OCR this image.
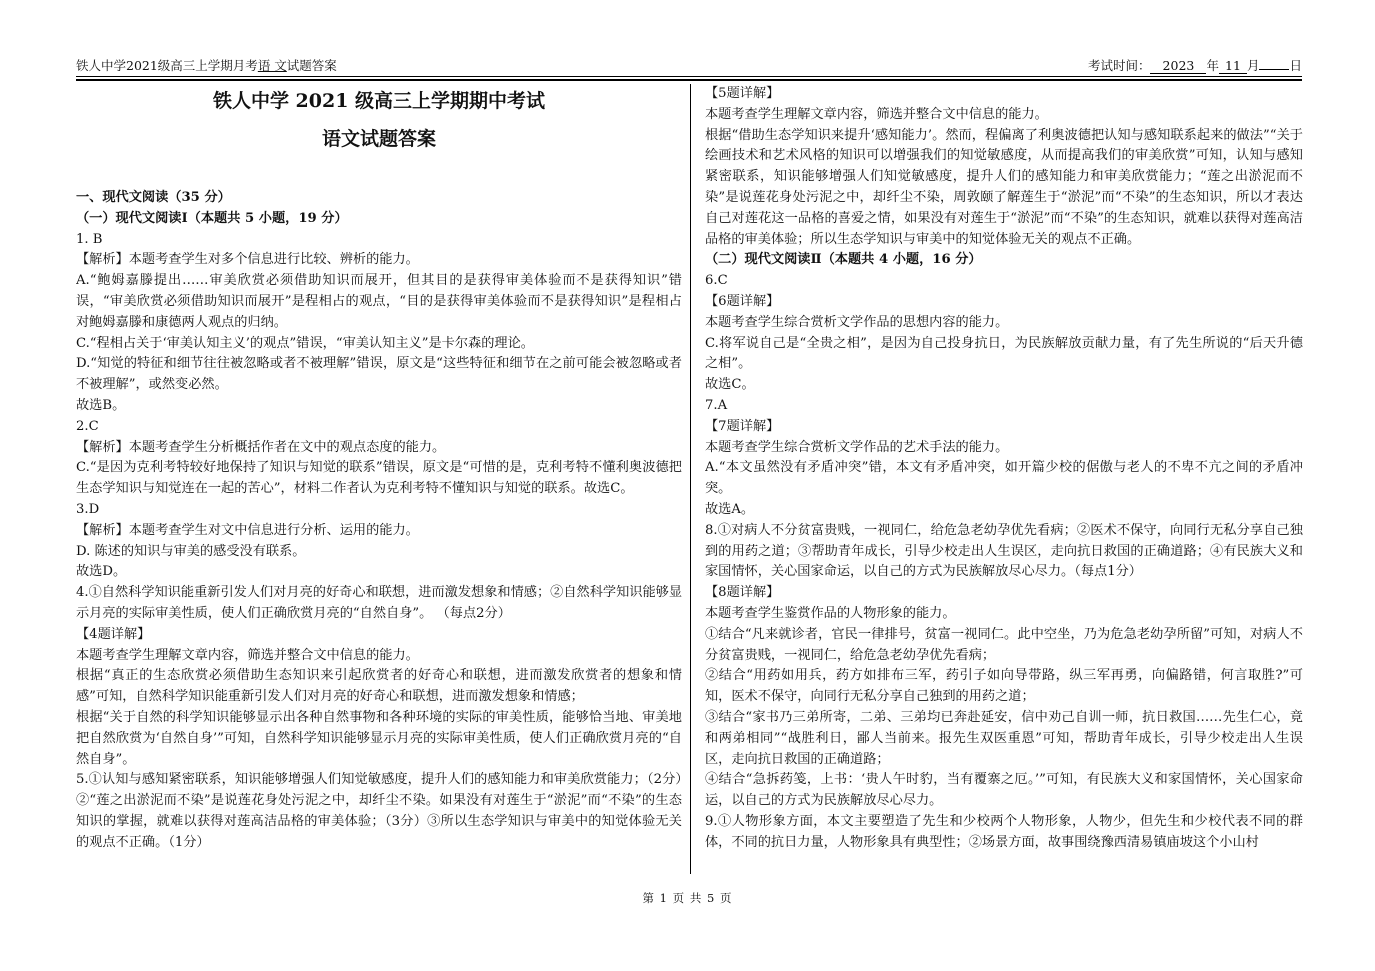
铁人中学2021级高三上学期月考语 文试题答案	考试时间： 2023 年 11 月 日
铁人中学 2021 级高三上学期期中考试
语文试题答案

一、现代文阅读（35 分）

（一）现代文阅读Ⅰ（本题共 5 小题，19 分）

1. B

【解析】本题考查学生对多个信息进行比较、辨析的能力。

A.“鲍姆嘉滕提出……审美欣赏必须借助知识而展开，但其目的是获得审美体验而不是获得知识”错误，“审美欣赏必须借助知识而展开”是程相占的观点，“目的是获得审美体验而不是获得知识”是程相占对鲍姆嘉滕和康德两人观点的归纳。

C.“程相占关于‘审美认知主义’的观点”错误，“审美认知主义”是卡尔森的理论。

D.“知觉的特征和细节往往被忽略或者不被理解”错误，原文是“这些特征和细节在之前可能会被忽略或者不被理解”，或然变必然。

故选B。

2.C

【解析】本题考查学生分析概括作者在文中的观点态度的能力。

C.“是因为克利考特较好地保持了知识与知觉的联系”错误，原文是“可惜的是，克利考特不懂利奥波德把生态学知识与知觉连在一起的苦心”，材料二作者认为克利考特不懂知识与知觉的联系。故选C。

3.D

【解析】本题考查学生对文中信息进行分析、运用的能力。

D. 陈述的知识与审美的感受没有联系。

故选D。

4.①自然科学知识能重新引发人们对月亮的好奇心和联想，进而激发想象和情感；②自然科学知识能够显示月亮的实际审美性质，使人们正确欣赏月亮的“自然自身”。 （每点2分）

【4题详解】

本题考查学生理解文章内容，筛选并整合文中信息的能力。

根据“真正的生态欣赏必须借助生态知识来引起欣赏者的好奇心和联想，进而激发欣赏者的想象和情感”可知，自然科学知识能重新引发人们对月亮的好奇心和联想，进而激发想象和情感；

根据“关于自然的科学知识能够显示出各种自然事物和各种环境的实际的审美性质，能够恰当地、审美地把自然欣赏为‘自然自身’”可知，自然科学知识能够显示月亮的实际审美性质，使人们正确欣赏月亮的“自然自身”。

5.①认知与感知紧密联系，知识能够增强人们知觉敏感度，提升人们的感知能力和审美欣赏能力；（2分）②“莲之出淤泥而不染”是说莲花身处污泥之中，却纤尘不染。如果没有对莲生于“淤泥”而“不染”的生态知识的掌握，就难以获得对莲高洁品格的审美体验；（3分）③所以生态学知识与审美中的知觉体验无关的观点不正确。（1分）

【5题详解】

本题考查学生理解文章内容，筛选并整合文中信息的能力。

根据“借助生态学知识来提升‘感知能力’。然而，程偏离了利奥波德把认知与感知联系起来的做法”“关于绘画技术和艺术风格的知识可以增强我们的知觉敏感度，从而提高我们的审美欣赏”可知，认知与感知紧密联系，知识能够增强人们知觉敏感度，提升人们的感知能力和审美欣赏能力；“莲之出淤泥而不染”是说莲花身处污泥之中，却纤尘不染，周敦颐了解莲生于“淤泥”而“不染”的生态知识，所以才表达自己对莲花这一品格的喜爱之情，如果没有对莲生于“淤泥”而“不染”的生态知识，就难以获得对莲高洁品格的审美体验；所以生态学知识与审美中的知觉体验无关的观点不正确。

（二）现代文阅读Ⅱ（本题共 4 小题，16 分）

6.C

【6题详解】

本题考查学生综合赏析文学作品的思想内容的能力。

C.将军说自己是“全贵之相”，是因为自己投身抗日，为民族解放贡献力量，有了先生所说的“后天升德之相”。

故选C。

7.A

【7题详解】

本题考查学生综合赏析文学作品的艺术手法的能力。

A.“本文虽然没有矛盾冲突”错，本文有矛盾冲突，如开篇少校的倨傲与老人的不卑不亢之间的矛盾冲突。

故选A。

8.①对病人不分贫富贵贱，一视同仁，给危急老幼孕优先看病；②医术不保守，向同行无私分享自己独到的用药之道；③帮助青年成长，引导少校走出人生误区，走向抗日救国的正确道路；④有民族大义和家国情怀，关心国家命运，以自己的方式为民族解放尽心尽力。（每点1分）

【8题详解】

本题考查学生鉴赏作品的人物形象的能力。

①结合“凡来就诊者，官民一律排号，贫富一视同仁。此中空坐，乃为危急老幼孕所留”可知，对病人不分贫富贵贱，一视同仁，给危急老幼孕优先看病；

②结合“用药如用兵，药方如排布三军，药引子如向导带路，纵三军再勇，向偏路错，何言取胜?”可知，医术不保守，向同行无私分享自己独到的用药之道；

③结合“家书乃三弟所寄，二弟、三弟均已奔赴延安，信中劝己自训一师，抗日救国……先生仁心，竟和两弟相同”“战胜利日，鄙人当前来。报先生双医重恩”可知，帮助青年成长，引导少校走出人生误区，走向抗日救国的正确道路；

④结合“急拆药笺，上书：‘贵人午时豹，当有覆寨之厄。’”可知，有民族大义和家国情怀，关心国家命运，以自己的方式为民族解放尽心尽力。

9.①人物形象方面，本文主要塑造了先生和少校两个人物形象，人物少，但先生和少校代表不同的群体，不同的抗日力量，人物形象具有典型性；②场景方面，故事围绕豫西清易镇庙坡这个小山村

第 1 页 共 5 页
